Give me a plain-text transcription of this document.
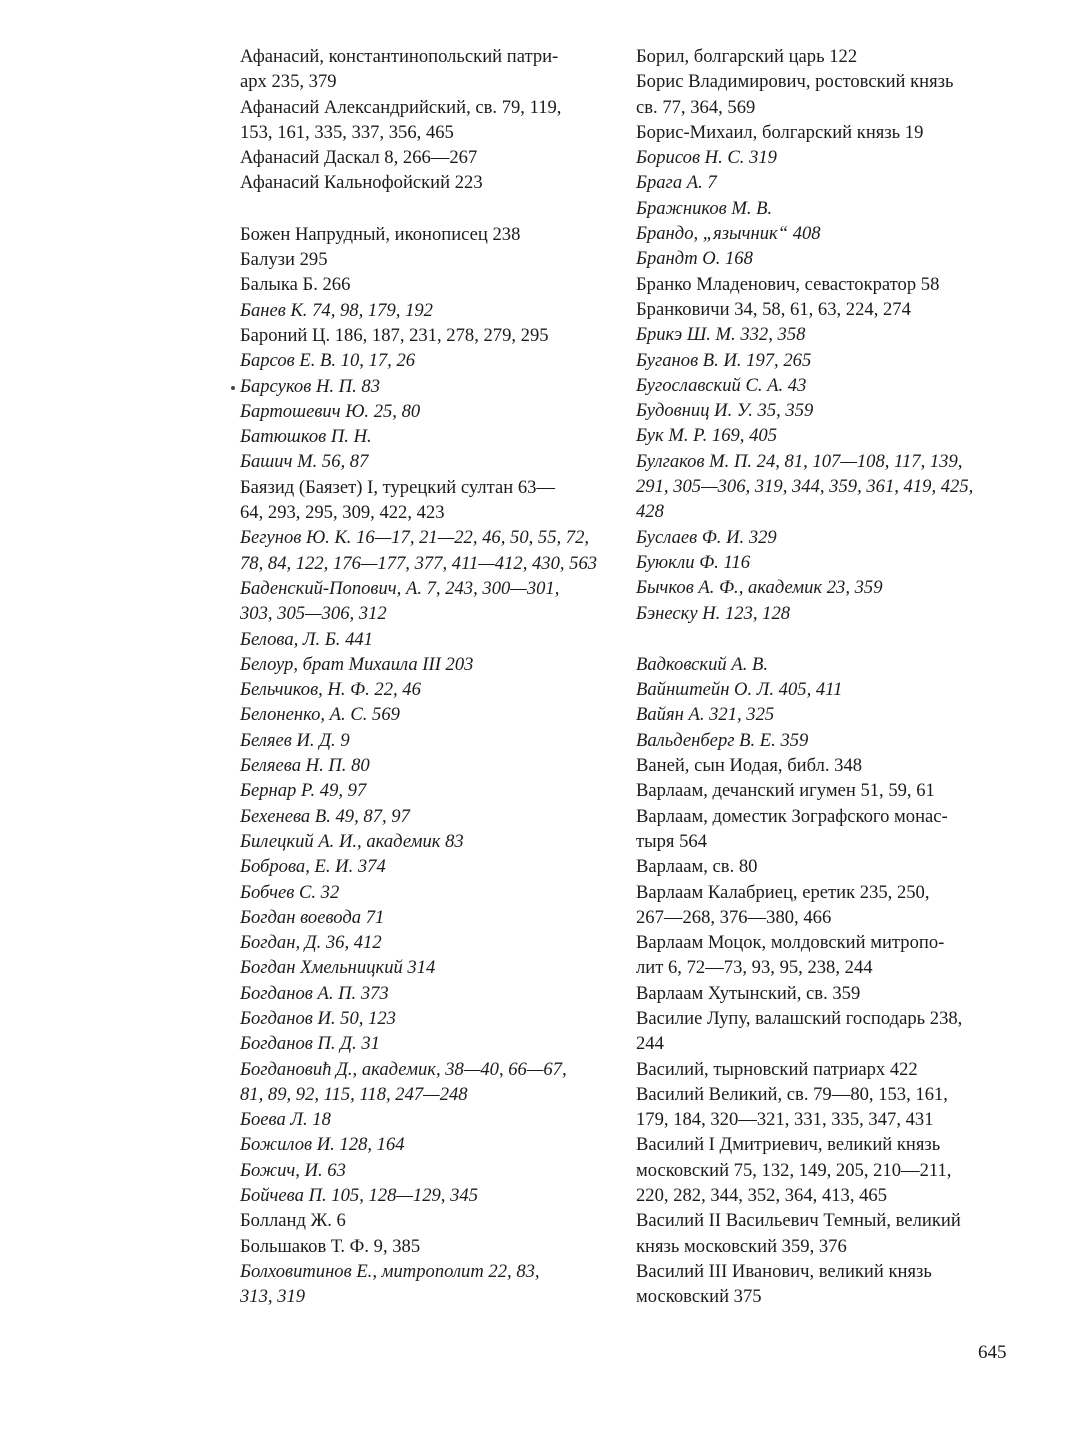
Афанасий, константинопольский патри-
арх 235, 379

Афанасий Александрийский, св. 79, 119,
153, 161, 335, 337, 356, 465

Афанасий Даскал 8, 266—267

Афанасий Кальнофойский 223

Божен Напрудный, иконописец 238

Балузи 295

Балыка Б. 266

Банев К. 74, 98, 179, 192

Бароний Ц. 186, 187, 231, 278, 279, 295

Барсов Е. В. 10, 17, 26

Барсуков Н. П. 83

Бартошевич Ю. 25, 80

Батюшков П. Н.

Башич М. 56, 87

Баязид (Баязет) I, турецкий султан 63—
64, 293, 295, 309, 422, 423

Бегунов Ю. К. 16—17, 21—22, 46, 50, 55, 72,
78, 84, 122, 176—177, 377, 411—412, 430, 563

Баденский-Попович, А. 7, 243, 300—301,
303, 305—306, 312

Белова, Л. Б. 441

Белоур, брат Михаила III 203

Бельчиков, Н. Ф. 22, 46

Белоненко, А. С. 569

Беляев И. Д. 9

Беляева Н. П. 80

Бернар Р. 49, 97

Бехенева В. 49, 87, 97

Билецкий А. И., академик 83

Боброва, Е. И. 374

Бобчев С. 32

Богдан воевода 71

Богдан, Д. 36, 412

Богдан Хмельницкий 314

Богданов А. П. 373

Богданов И. 50, 123

Богданов П. Д. 31

Богдановић Д., академик, 38—40, 66—67,
81, 89, 92, 115, 118, 247—248

Боева Л. 18

Божилов И. 128, 164

Божич, И. 63

Бойчева П. 105, 128—129, 345

Болланд Ж. 6

Большаков Т. Ф. 9, 385

Болховитинов Е., митрополит 22, 83,
313, 319

Борил, болгарский царь 122

Борис Владимирович, ростовский князь
св. 77, 364, 569

Борис-Михаил, болгарский князь 19

Борисов Н. С. 319

Брага А. 7

Бражников М. В.

Брандо, „язычник“ 408

Брандт О. 168

Бранко Младенович, севастократор 58

Бранковичи 34, 58, 61, 63, 224, 274

Брикэ Ш. М. 332, 358

Буганов В. И. 197, 265

Бугославский С. А. 43

Будовниц И. У. 35, 359

Бук М. Р. 169, 405

Булгаков М. П. 24, 81, 107—108, 117, 139,
291, 305—306, 319, 344, 359, 361, 419, 425,
428

Буслаев Ф. И. 329

Буюкли Ф. 116

Бычков А. Ф., академик 23, 359

Бэнеску Н. 123, 128

Вадковский А. В.

Вайнштейн О. Л. 405, 411

Вайян А. 321, 325

Вальденберг В. Е. 359

Ваней, сын Иодая, библ. 348

Варлаам, дечанский игумен 51, 59, 61

Варлаам, доместик Зографского монас-
тыря 564

Варлаам, св. 80

Варлаам Калабриец, еретик 235, 250,
267—268, 376—380, 466

Варлаам Моцок, молдовский митропо-
лит 6, 72—73, 93, 95, 238, 244

Варлаам Хутынский, св. 359

Василие Лупу, валашский господарь 238,
244

Василий, тырновский патриарх 422

Василий Великий, св. 79—80, 153, 161,
179, 184, 320—321, 331, 335, 347, 431

Василий I Дмитриевич, великий князь
московский 75, 132, 149, 205, 210—211,
220, 282, 344, 352, 364, 413, 465

Василий II Васильевич Темный, великий
князь московский 359, 376

Василий III Иванович, великий князь
московский 375

645
